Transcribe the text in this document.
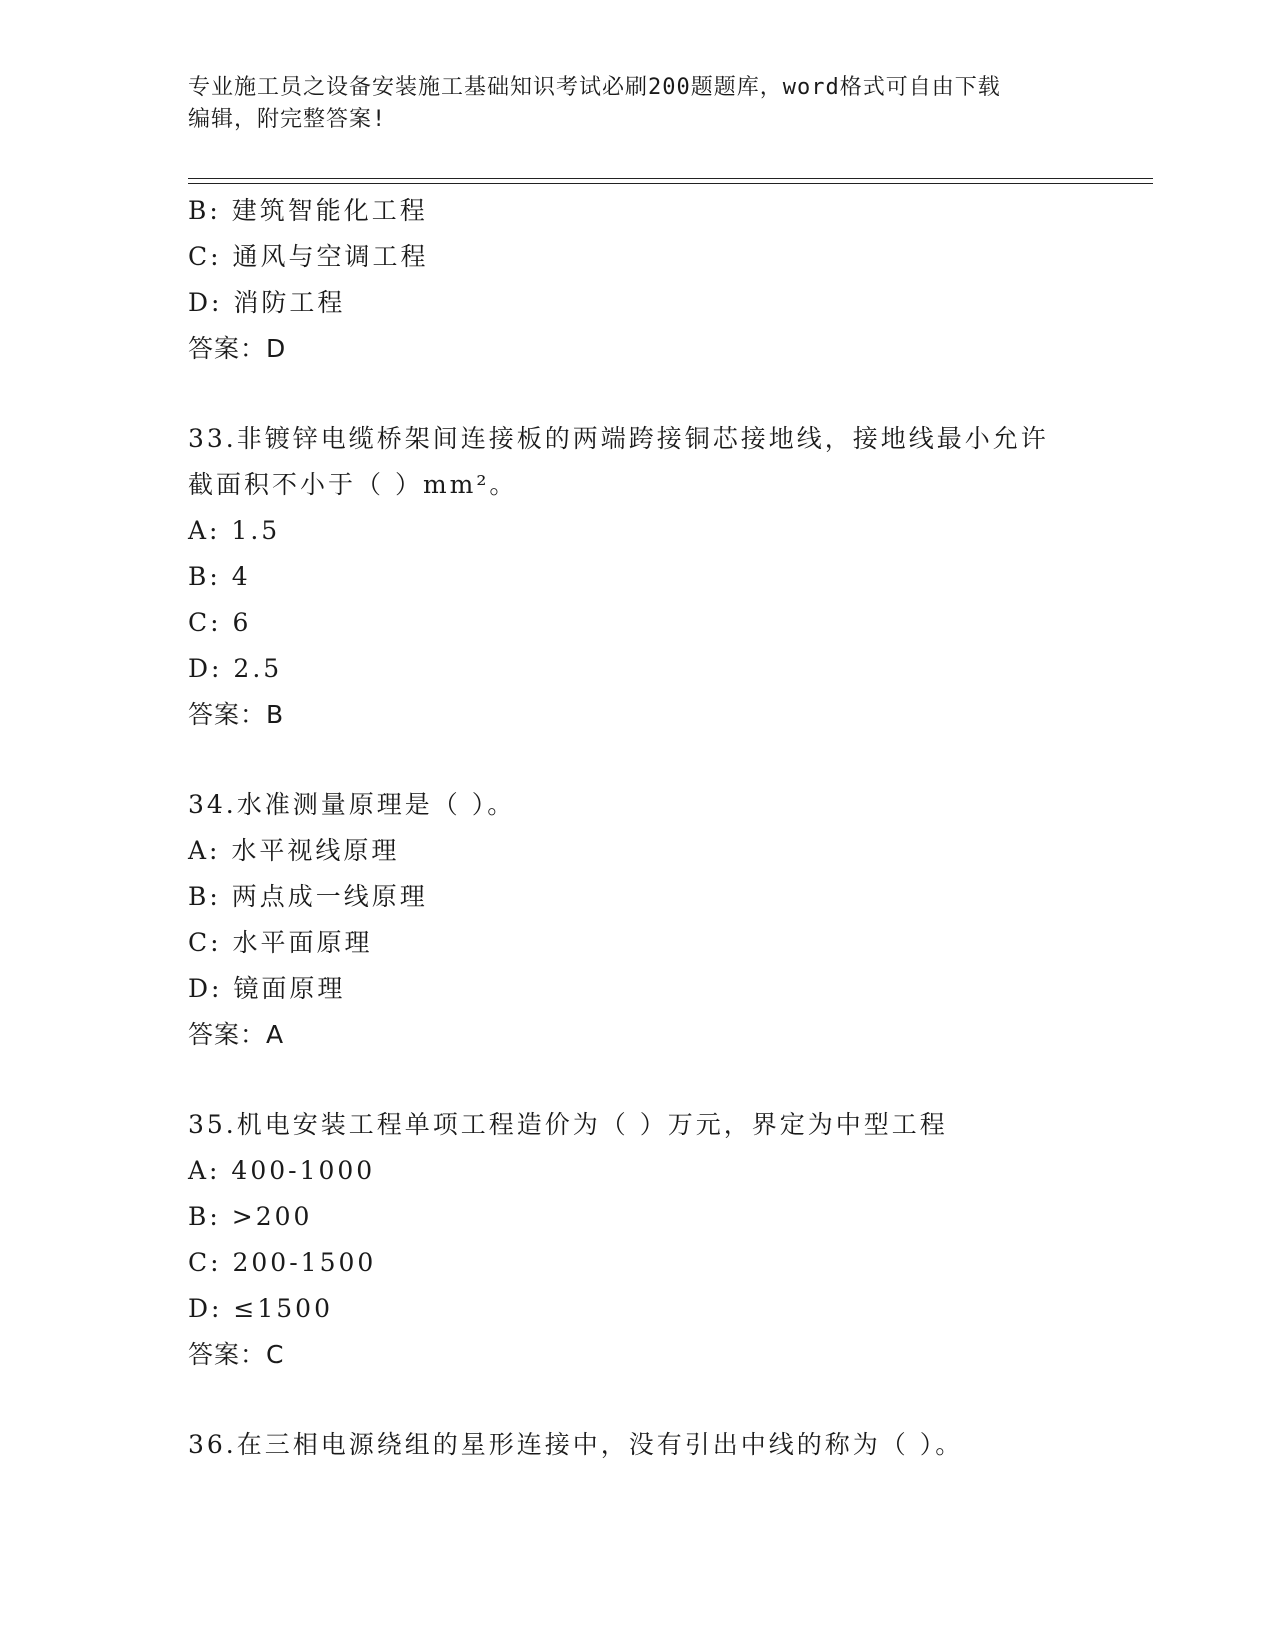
专业施工员之设备安装施工基础知识考试必刷200题题库，word格式可自由下载
编辑，附完整答案!
B: 建筑智能化工程
C: 通风与空调工程
D: 消防工程
答案：D
33.非镀锌电缆桥架间连接板的两端跨接铜芯接地线，接地线最小允许
截面积不小于（ ）mm²。
A: 1.5
B: 4
C: 6
D: 2.5
答案：B
34.水准测量原理是（ ）。
A: 水平视线原理
B: 两点成一线原理
C: 水平面原理
D: 镜面原理
答案：A
35.机电安装工程单项工程造价为（ ）万元，界定为中型工程
A: 400-1000
B: >200
C: 200-1500
D: ≤1500
答案：C
36.在三相电源绕组的星形连接中，没有引出中线的称为（ ）。
